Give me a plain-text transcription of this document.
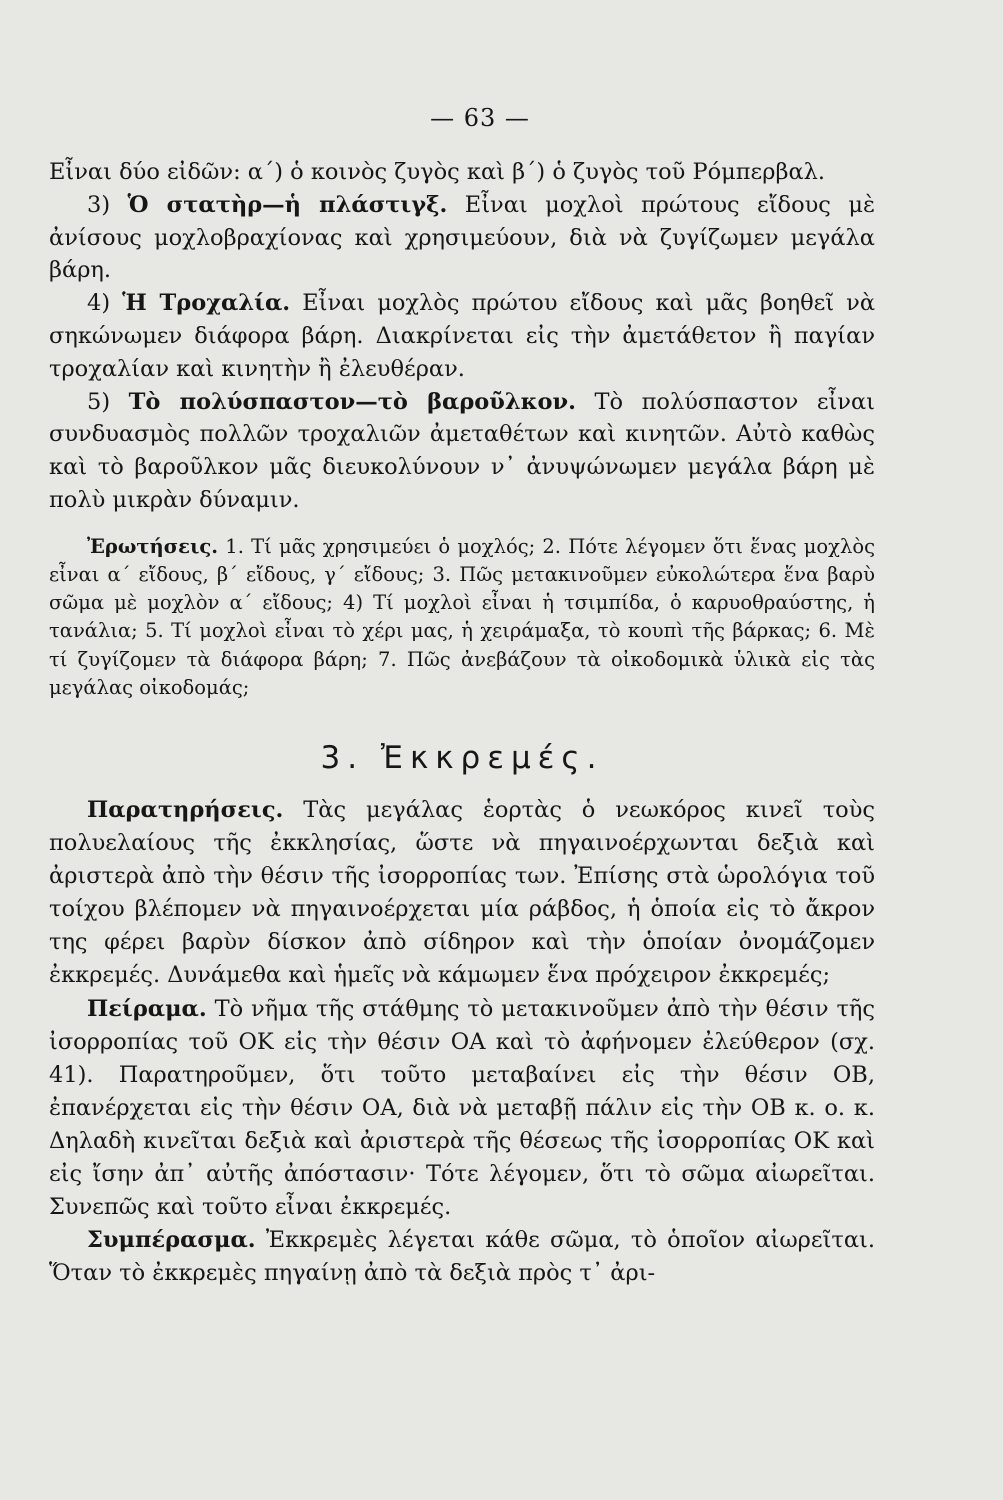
— 63 —

Εἶναι δύο εἰδῶν: α΄) ὁ κοινὸς ζυγὸς καὶ β΄) ὁ ζυγὸς τοῦ Ρόμπερβαλ.

3) Ὁ στατὴρ—ἡ πλάστιγξ. Εἶναι μοχλοὶ πρώτους εἴδους μὲ ἀνίσους μοχλοβραχίονας καὶ χρησιμεύουν, διὰ νὰ ζυγίζωμεν μεγάλα βάρη.

4) Ἡ Τροχαλία. Εἶναι μοχλὸς πρώτου εἴδους καὶ μᾶς βοηθεῖ νὰ σηκώνωμεν διάφορα βάρη. Διακρίνεται εἰς τὴν ἀμετάθετον ἢ παγίαν τροχαλίαν καὶ κινητὴν ἢ ἐλευθέραν.

5) Τὸ πολύσπαστον—τὸ βαροῦλκον. Τὸ πολύσπαστον εἶναι συνδυασμὸς πολλῶν τροχαλιῶν ἀμεταθέτων καὶ κινητῶν. Αὐτὸ καθὼς καὶ τὸ βαροῦλκον μᾶς διευκολύνουν ν᾿ ἀνυψώνωμεν μεγάλα βάρη μὲ πολὺ μικρὰν δύναμιν.

Ἐρωτήσεις. 1. Τί μᾶς χρησιμεύει ὁ μοχλός; 2. Πότε λέγομεν ὅτι ἕνας μοχλὸς εἶναι α΄ εἴδους, β΄ εἴδους, γ΄ εἴδους; 3. Πῶς μετακινοῦμεν εὐκολώτερα ἕνα βαρὺ σῶμα μὲ μοχλὸν α΄ εἴδους; 4) Τί μοχλοὶ εἶναι ἡ τσιμπίδα, ὁ καρυοθραύστης, ἡ τανάλια; 5. Τί μοχλοὶ εἶναι τὸ χέρι μας, ἡ χειράμαξα, τὸ κουπὶ τῆς βάρκας; 6. Μὲ τί ζυγίζομεν τὰ διάφορα βάρη; 7. Πῶς ἀνεβάζουν τὰ οἰκοδομικὰ ὑλικὰ εἰς τὰς μεγάλας οἰκοδομάς;

3. Ἐκκρεμές.

Παρατηρήσεις. Τὰς μεγάλας ἑορτὰς ὁ νεωκόρος κινεῖ τοὺς πολυελαίους τῆς ἐκκλησίας, ὥστε νὰ πηγαινοέρχωνται δεξιὰ καὶ ἀριστερὰ ἀπὸ τὴν θέσιν τῆς ἰσορροπίας των. Ἐπίσης στὰ ὡρολόγια τοῦ τοίχου βλέπομεν νὰ πηγαινοέρχεται μία ράβδος, ἡ ὁποία εἰς τὸ ἄκρον της φέρει βαρὺν δίσκον ἀπὸ σίδηρον καὶ τὴν ὁποίαν ὀνομάζομεν ἐκκρεμές. Δυνάμεθα καὶ ἡμεῖς νὰ κάμωμεν ἕνα πρόχειρον ἐκκρεμές;

Πείραμα. Τὸ νῆμα τῆς στάθμης τὸ μετακινοῦμεν ἀπὸ τὴν θέσιν τῆς ἰσορροπίας τοῦ ΟΚ εἰς τὴν θέσιν ΟΑ καὶ τὸ ἀφήνομεν ἐλεύθερον (σχ. 41). Παρατηροῦμεν, ὅτι τοῦτο μεταβαίνει εἰς τὴν θέσιν ΟΒ, ἐπανέρχεται εἰς τὴν θέσιν ΟΑ, διὰ νὰ μεταβῇ πάλιν εἰς τὴν ΟΒ κ. ο. κ. Δηλαδὴ κινεῖται δεξιὰ καὶ ἀριστερὰ τῆς θέσεως τῆς ἰσορροπίας ΟΚ καὶ εἰς ἴσην ἀπ᾿ αὐτῆς ἀπόστασιν· Τότε λέγομεν, ὅτι τὸ σῶμα αἰωρεῖται. Συνεπῶς καὶ τοῦτο εἶναι ἐκκρεμές.

Συμπέρασμα. Ἐκκρεμὲς λέγεται κάθε σῶμα, τὸ ὁποῖον αἰωρεῖται. Ὅταν τὸ ἐκκρεμὲς πηγαίνῃ ἀπὸ τὰ δεξιὰ πρὸς τ᾿ ἀρι-
